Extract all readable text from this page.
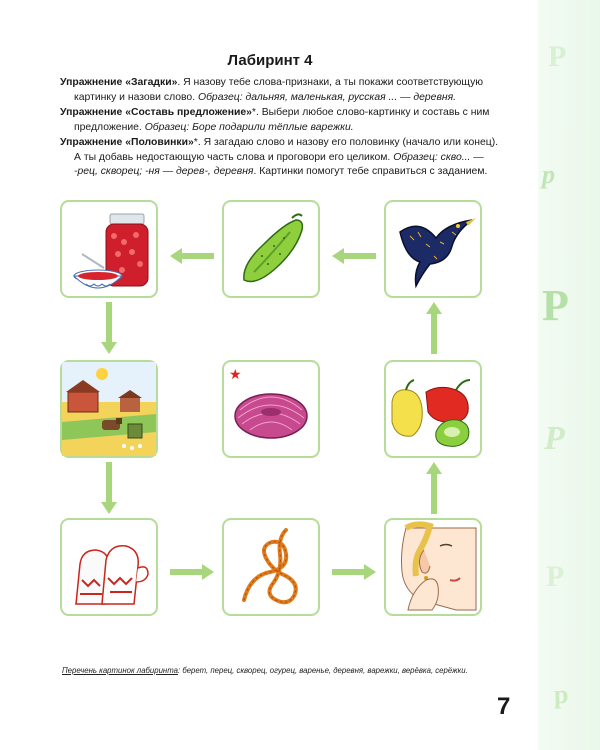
Р
р
Р
Р
Р
р
Лабиринт 4
Упражнение «Загадки». Я назову тебе слова-признаки, а ты покажи соответствующую
картинку и назови слово. Образец: дальняя, маленькая, русская ... — деревня.
Упражнение «Составь предложение»*. Выбери любое слово-картинку и составь с ним
предложение. Образец: Боре подарили тёплые варежки.
Упражнение «Половинки»*. Я загадаю слово и назову его половинку (начало или конец).
А ты добавь недостающую часть слова и проговори его целиком. Образец: скво... —
-рец, скворец; -ня — дерев-, деревня. Картинки помогут тебе справиться с заданием.
★
Перечень картинок лабиринта: берет, перец, скворец, огурец, варенье, деревня, варежки, верёвка, серёжки.
7
